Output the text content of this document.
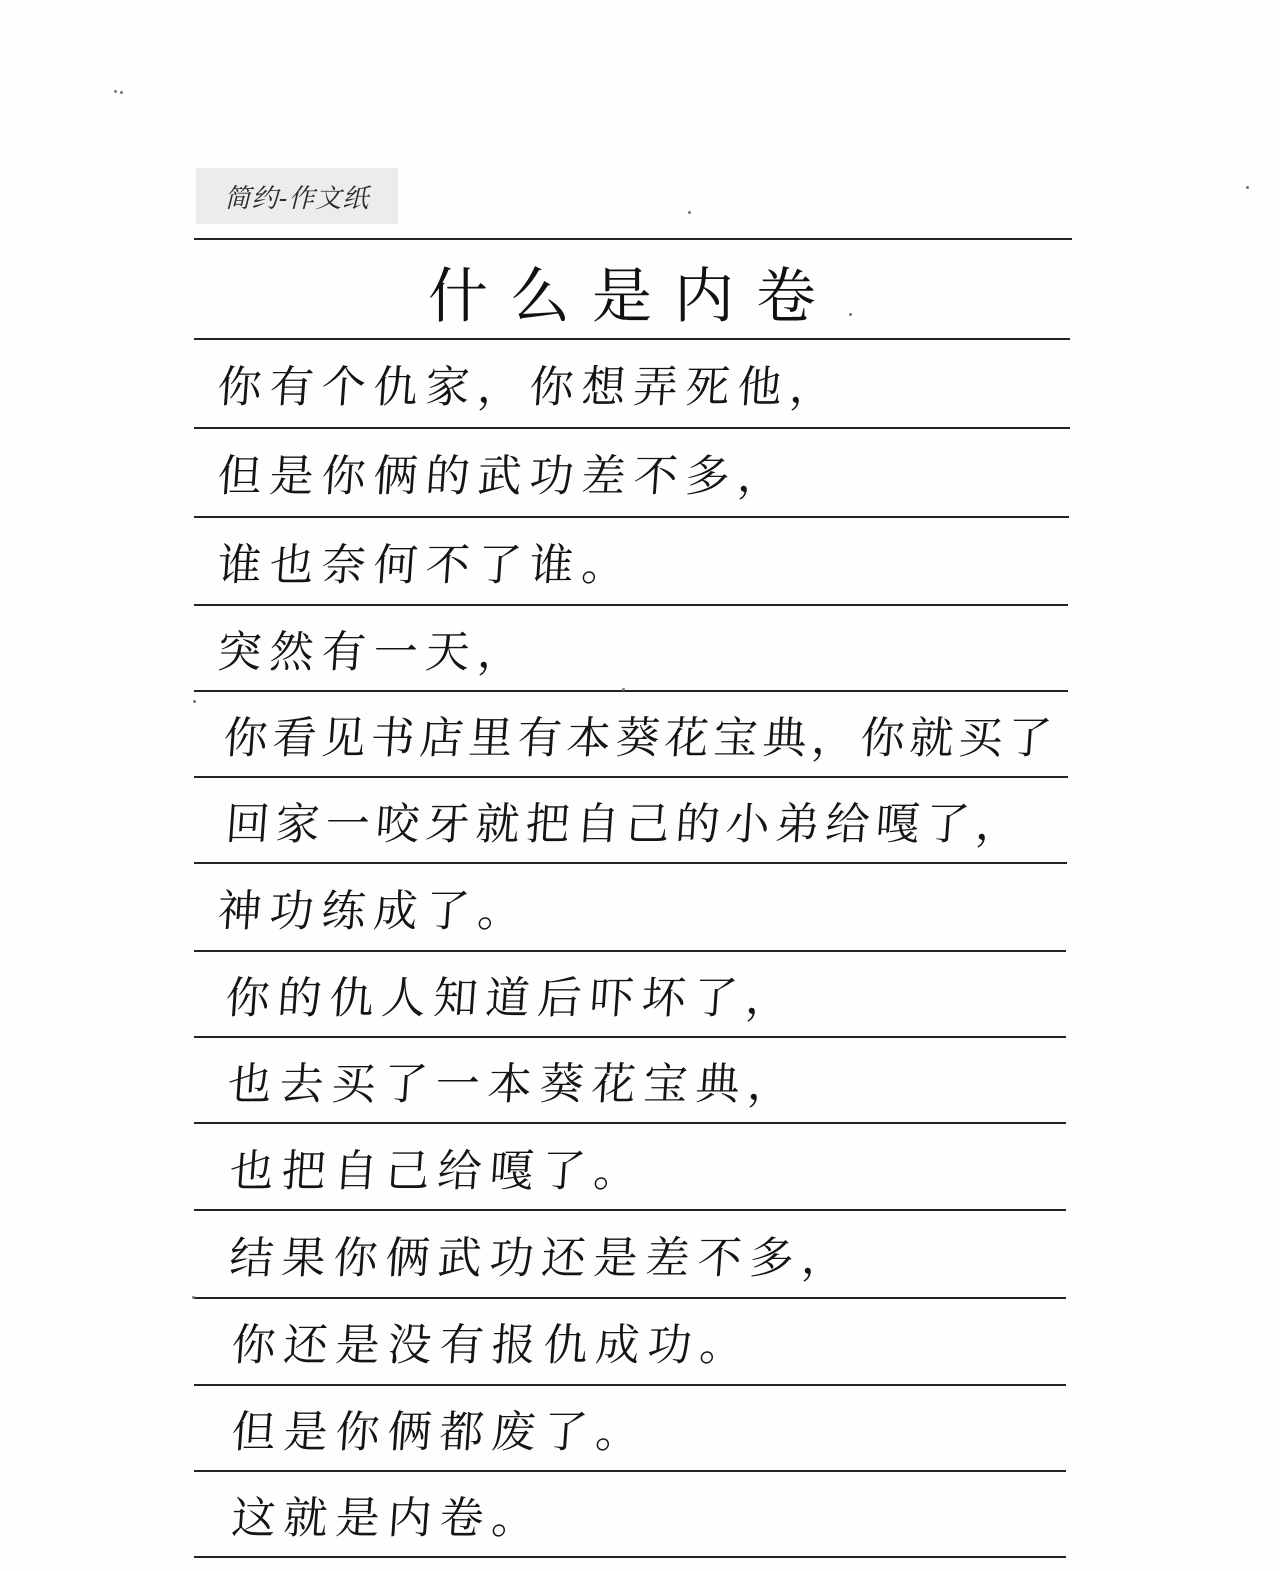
简约-作文纸
什么是内卷
你有个仇家，你想弄死他，
但是你俩的武功差不多，
谁也奈何不了谁。
突然有一天，
你看见书店里有本葵花宝典，你就买了
回家一咬牙就把自己的小弟给嘎了，
神功练成了。
你的仇人知道后吓坏了，
也去买了一本葵花宝典，
也把自己给嘎了。
结果你俩武功还是差不多，
你还是没有报仇成功。
但是你俩都废了。
这就是内卷。
